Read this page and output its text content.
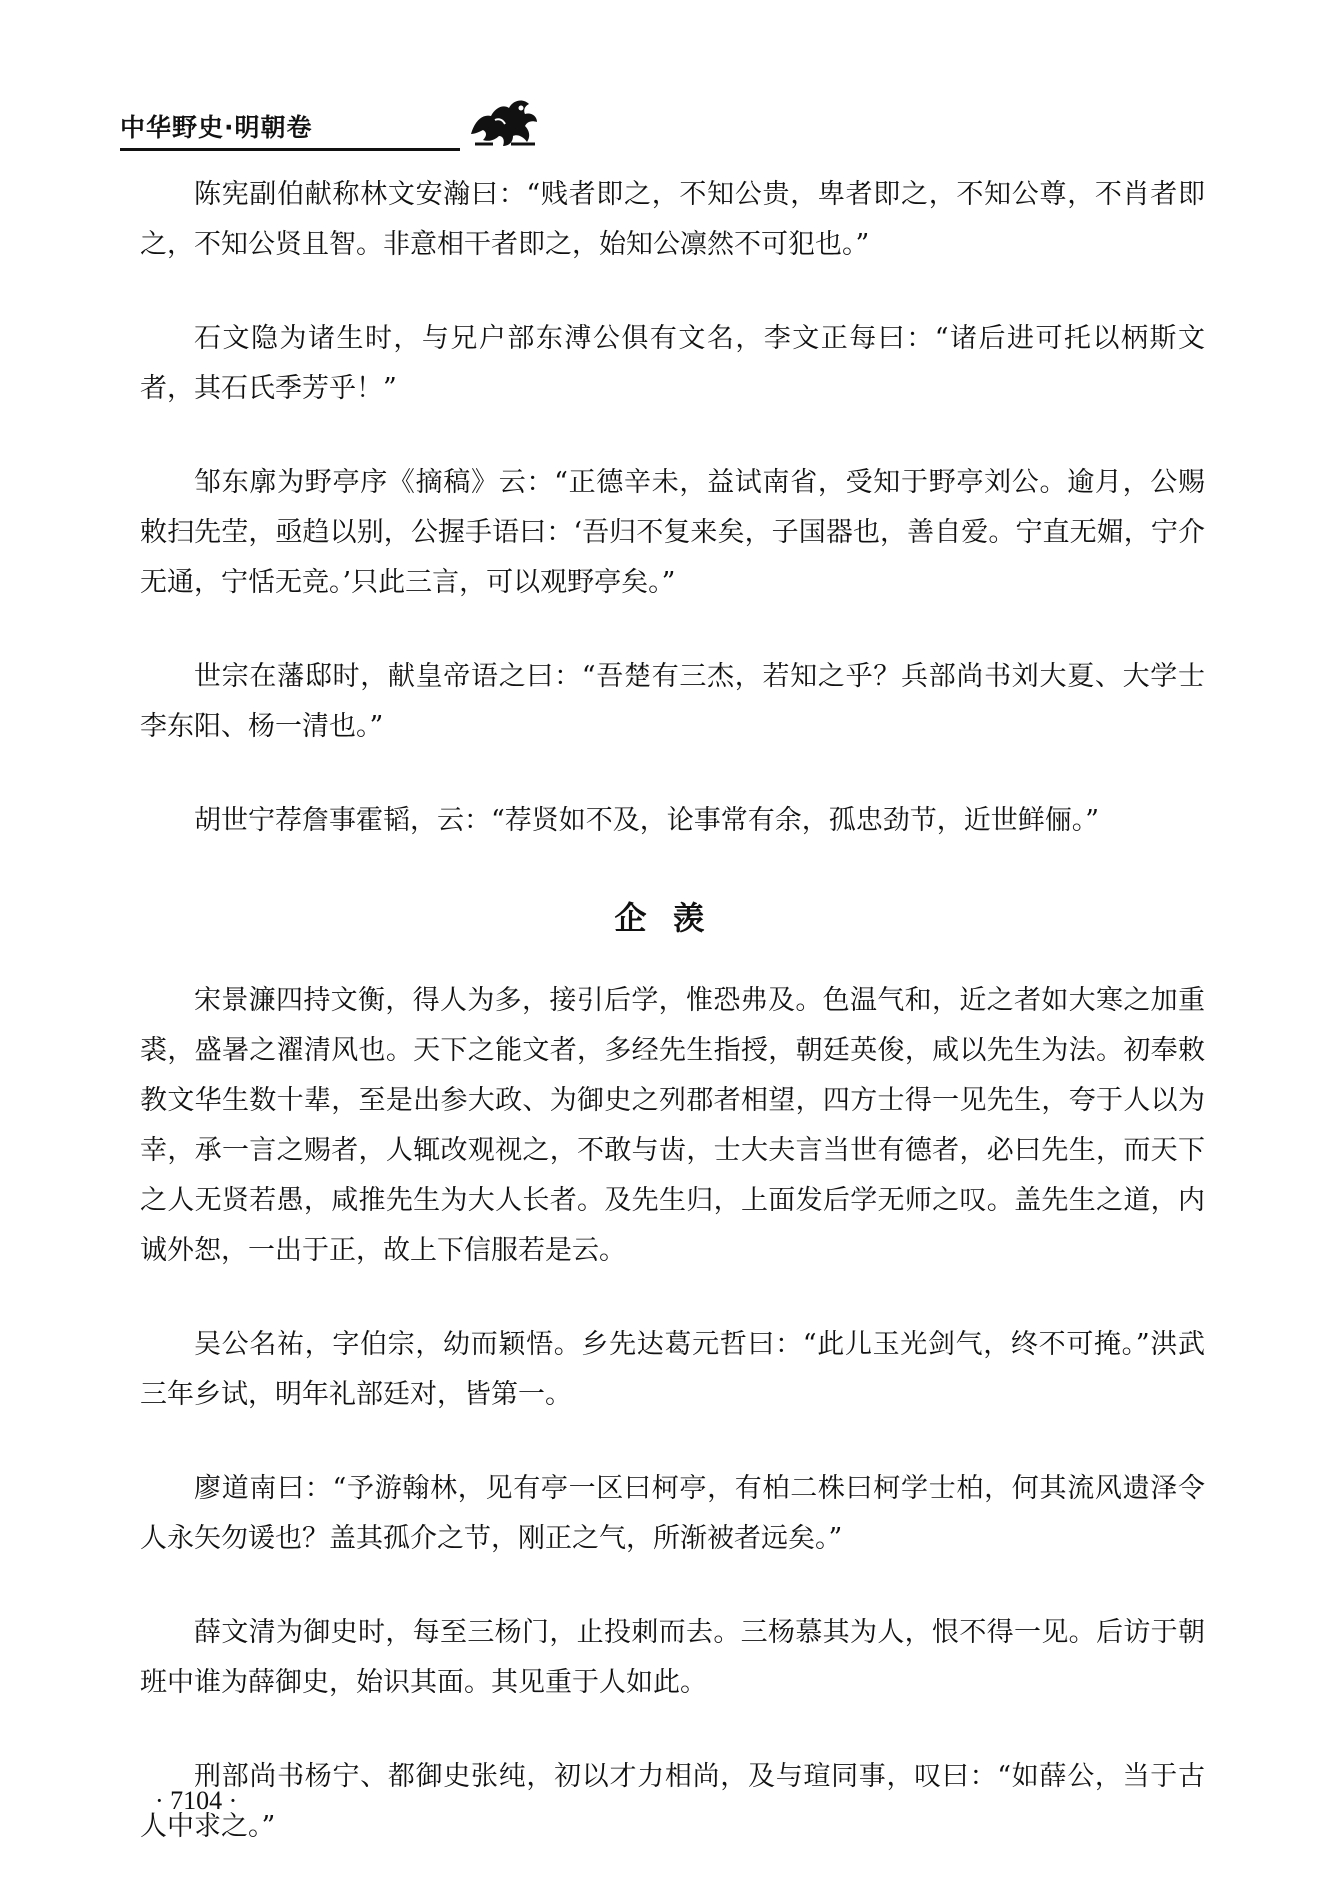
中华野史·明朝卷

陈宪副伯献称林文安瀚曰：“贱者即之，不知公贵，卑者即之，不知公尊，不肖者即之，不知公贤且智。非意相干者即之，始知公凛然不可犯也。”

石文隐为诸生时，与兄户部东溥公俱有文名，李文正每曰：“诸后进可托以柄斯文者，其石氏季芳乎！”

邹东廓为野亭序《摘稿》云：“正德辛未，益试南省，受知于野亭刘公。逾月，公赐敕扫先茔，亟趋以别，公握手语曰：‘吾归不复来矣，子国器也，善自爱。宁直无媚，宁介无通，宁恬无竞。’只此三言，可以观野亭矣。”

世宗在藩邸时，献皇帝语之曰：“吾楚有三杰，若知之乎？兵部尚书刘大夏、大学士李东阳、杨一清也。”

胡世宁荐詹事霍韬，云：“荐贤如不及，论事常有余，孤忠劲节，近世鲜俪。”

企羡

宋景濂四持文衡，得人为多，接引后学，惟恐弗及。色温气和，近之者如大寒之加重裘，盛暑之濯清风也。天下之能文者，多经先生指授，朝廷英俊，咸以先生为法。初奉敕教文华生数十辈，至是出参大政、为御史之列郡者相望，四方士得一见先生，夸于人以为幸，承一言之赐者，人辄改观视之，不敢与齿，士大夫言当世有德者，必曰先生，而天下之人无贤若愚，咸推先生为大人长者。及先生归，上面发后学无师之叹。盖先生之道，内诚外恕，一出于正，故上下信服若是云。

吴公名祐，字伯宗，幼而颖悟。乡先达葛元哲曰：“此儿玉光剑气，终不可掩。”洪武三年乡试，明年礼部廷对，皆第一。

廖道南曰：“予游翰林，见有亭一区曰柯亭，有柏二株曰柯学士柏，何其流风遗泽令人永矢勿谖也？盖其孤介之节，刚正之气，所渐被者远矣。”

薛文清为御史时，每至三杨门，止投刺而去。三杨慕其为人，恨不得一见。后访于朝班中谁为薛御史，始识其面。其见重于人如此。

刑部尚书杨宁、都御史张纯，初以才力相尚，及与瑄同事，叹曰：“如薛公，当于古人中求之。”

· 7104 ·
